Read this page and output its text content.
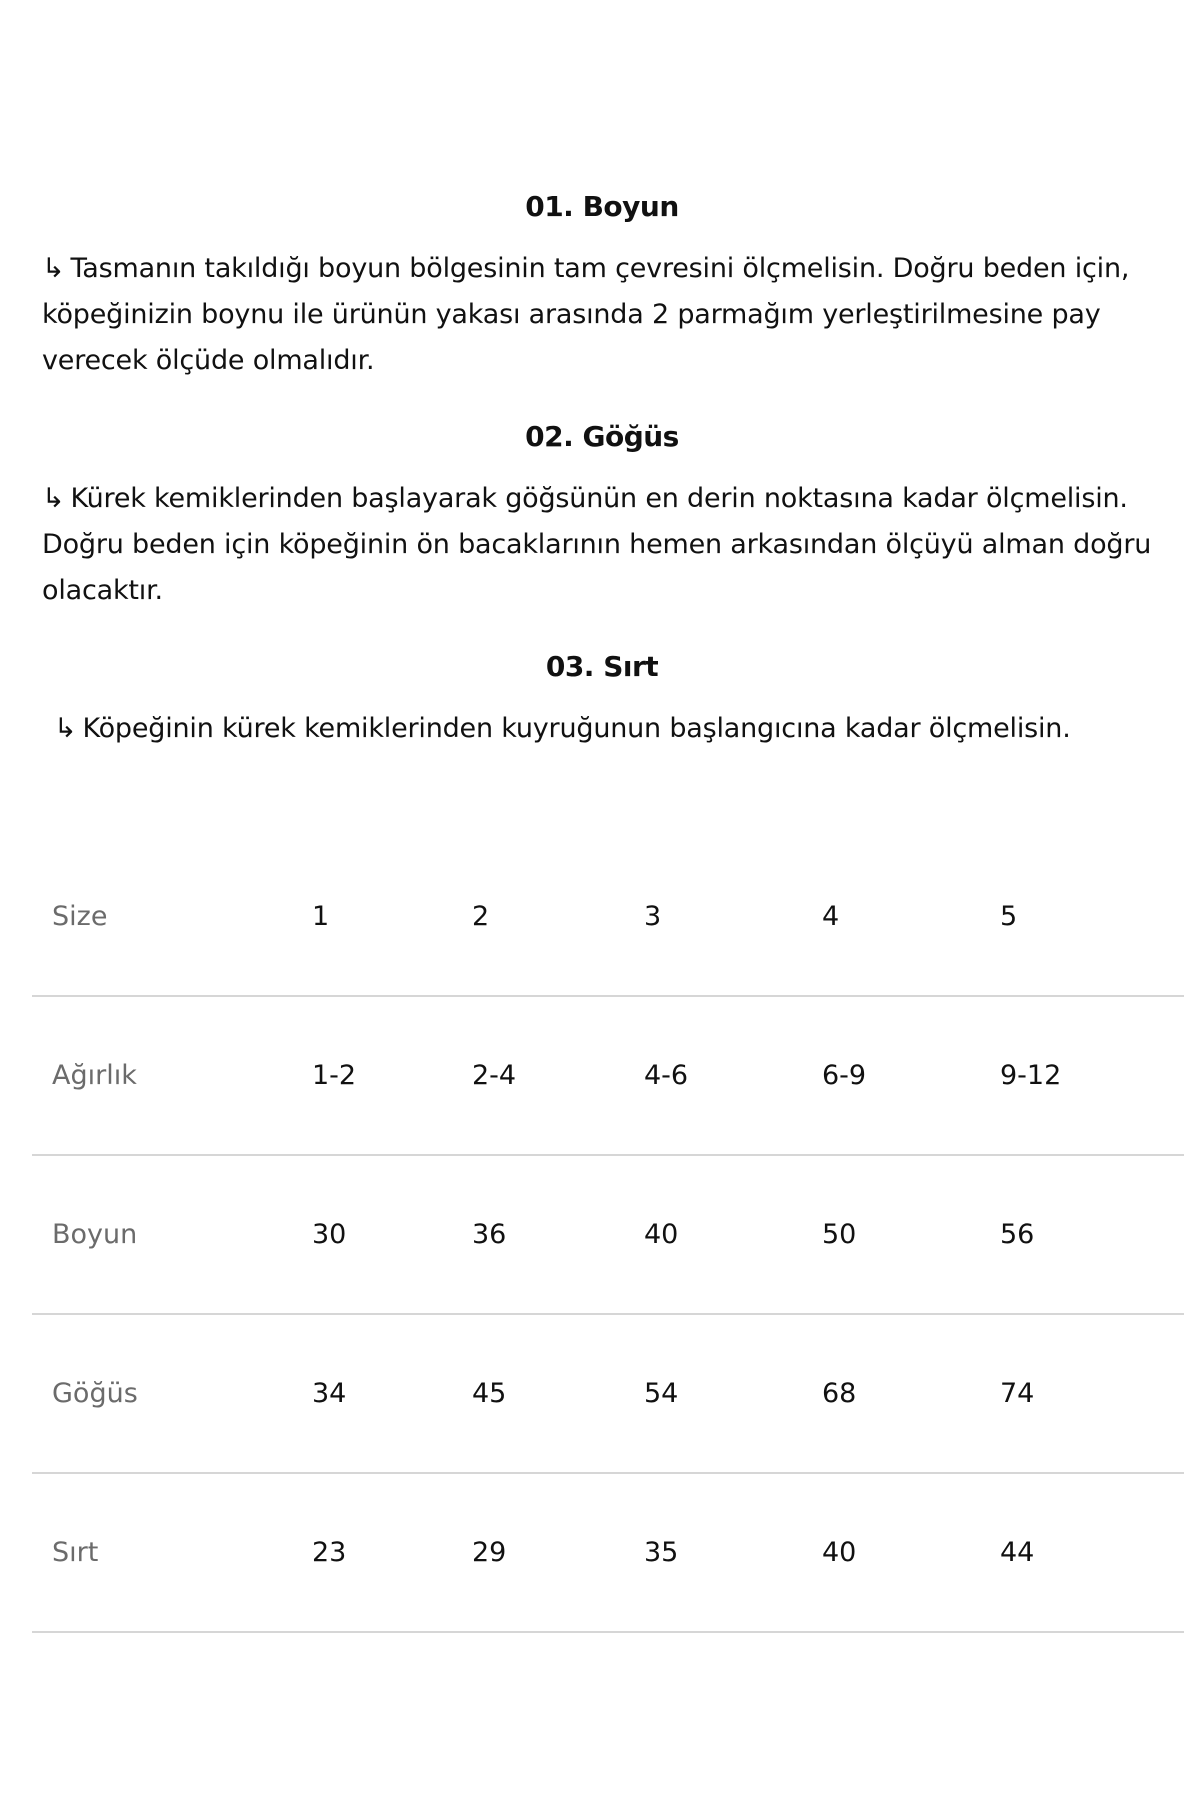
01. Boyun
↳ Tasmanın takıldığı boyun bölgesinin tam çevresini ölçmelisin. Doğru beden için, köpeğinizin boynu ile ürünün yakası arasında 2 parmağım yerleştirilmesine pay verecek ölçüde olmalıdır.
02. Göğüs
↳ Kürek kemiklerinden başlayarak göğsünün en derin noktasına kadar ölçmelisin. Doğru beden için köpeğinin ön bacaklarının hemen arkasından ölçüyü alman doğru olacaktır.
03. Sırt
↳ Köpeğinin kürek kemiklerinden kuyruğunun başlangıcına kadar ölçmelisin.
Size	1	2	3	4	5
Ağırlık	1-2	2-4	4-6	6-9	9-12
Boyun	30	36	40	50	56
Göğüs	34	45	54	68	74
Sırt	23	29	35	40	44
